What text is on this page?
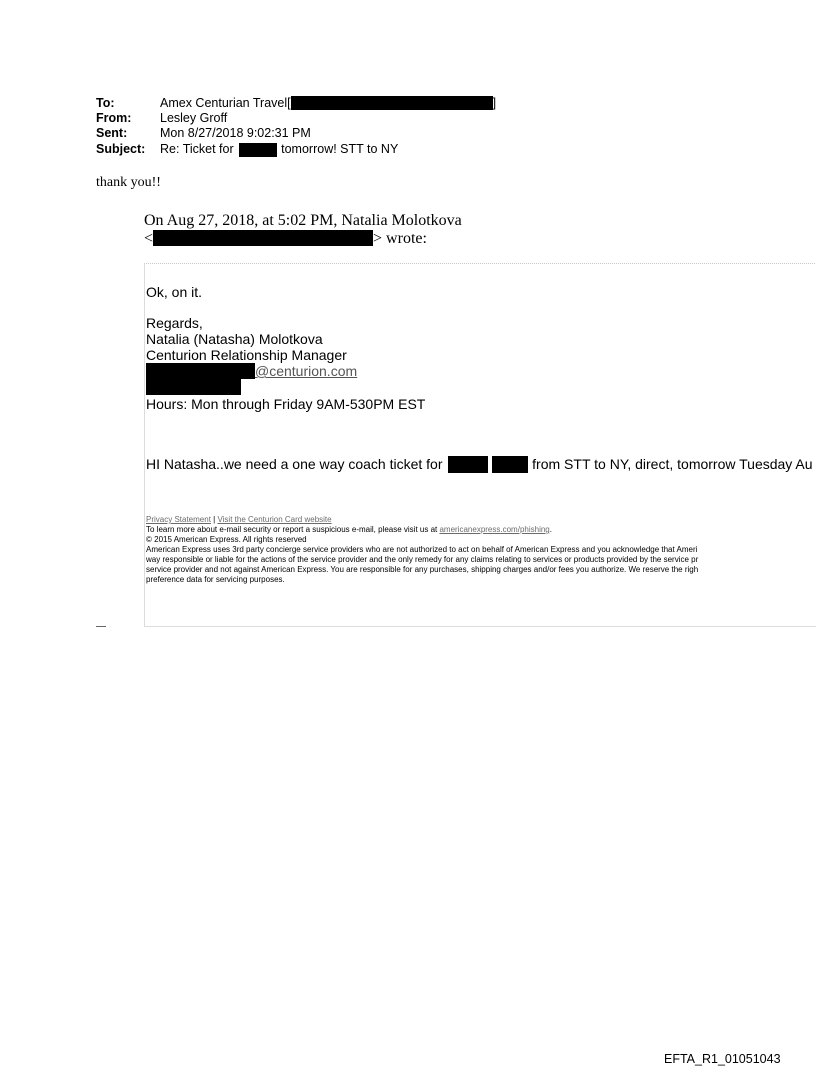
To:	Amex Centurian Travel[	]
From: Lesley Groff
Sent:	Mon 8/27/2018 9:02:31 PM
Subject: Re: Ticket for	tomorrow! STT to NY
thank you!!
On Aug 27, 2018, at 5:02 PM, Natalia Molotkova
<	> wrote:
Ok, on it.
Regards,
Natalia (Natasha) Molotkova
Centurion Relationship Manager
@centurion.com
Hours: Mon through Friday 9AM-530PM EST
HI Natasha..we need a one way coach ticket for	from STT to NY, direct, tomorrow Tuesday Au
Privacy Statement | Visit the Centurion Card website
To learn more about e-mail security or report a suspicious e-mail, please visit us at americanexpress.com/phishing.
© 2015 American Express. All rights reserved
American Express uses 3rd party concierge service providers who are not authorized to act on behalf of American Express and you acknowledge that Ameri
way responsible or liable for the actions of the service provider and the only remedy for any claims relating to services or products provided by the service pr
service provider and not against American Express. You are responsible for any purchases, shipping charges and/or fees you authorize. We reserve the righ
preference data for servicing purposes.
EFTA_R1_01051043
